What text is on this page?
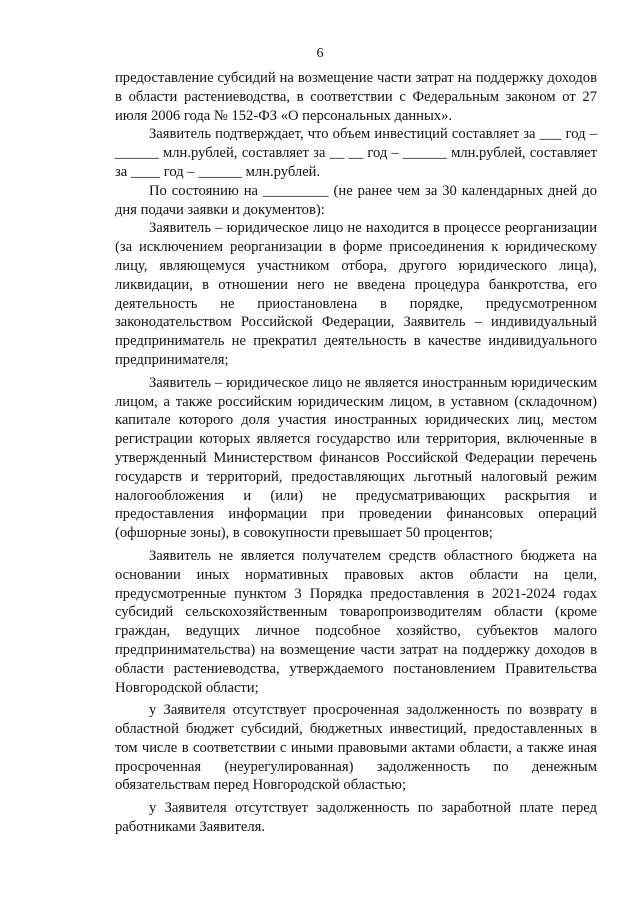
6

предоставление субсидий на возмещение части затрат на поддержку доходов в области растениеводства, в соответствии с Федеральным законом от 27 июля 2006 года № 152-ФЗ «О персональных данных».

Заявитель подтверждает, что объем инвестиций составляет за ___ год – ______ млн.рублей, составляет за __ __ год – ______ млн.рублей, составляет за ____ год – ______ млн.рублей.

По состоянию на _________ (не ранее чем за 30 календарных дней до дня подачи заявки и документов):

Заявитель – юридическое лицо не находится в процессе реорганизации (за исключением реорганизации в форме присоединения к юридическому лицу, являющемуся участником отбора, другого юридического лица), ликвидации, в отношении него не введена процедура банкротства, его деятельность не приостановлена в порядке, предусмотренном законодательством Российской Федерации, Заявитель – индивидуальный предприниматель не прекратил деятельность в качестве индивидуального предпринимателя;

Заявитель – юридическое лицо не является иностранным юридическим лицом, а также российским юридическим лицом, в уставном (складочном) капитале которого доля участия иностранных юридических лиц, местом регистрации которых является государство или территория, включенные в утвержденный Министерством финансов Российской Федерации перечень государств и территорий, предоставляющих льготный налоговый режим налогообложения и (или) не предусматривающих раскрытия и предоставления информации при проведении финансовых операций (офшорные зоны), в совокупности превышает 50 процентов;

Заявитель не является получателем средств областного бюджета на основании иных нормативных правовых актов области на цели, предусмотренные пунктом 3 Порядка предоставления в 2021-2024 годах субсидий сельскохозяйственным товаропроизводителям области (кроме граждан, ведущих личное подсобное хозяйство, субъектов малого предпринимательства) на возмещение части затрат на поддержку доходов в области растениеводства, утверждаемого постановлением Правительства Новгородской области;

у Заявителя отсутствует просроченная задолженность по возврату в областной бюджет субсидий, бюджетных инвестиций, предоставленных в том числе в соответствии с иными правовыми актами области, а также иная просроченная (неурегулированная) задолженность по денежным обязательствам перед Новгородской областью;

у Заявителя отсутствует задолженность по заработной плате перед работниками Заявителя.
